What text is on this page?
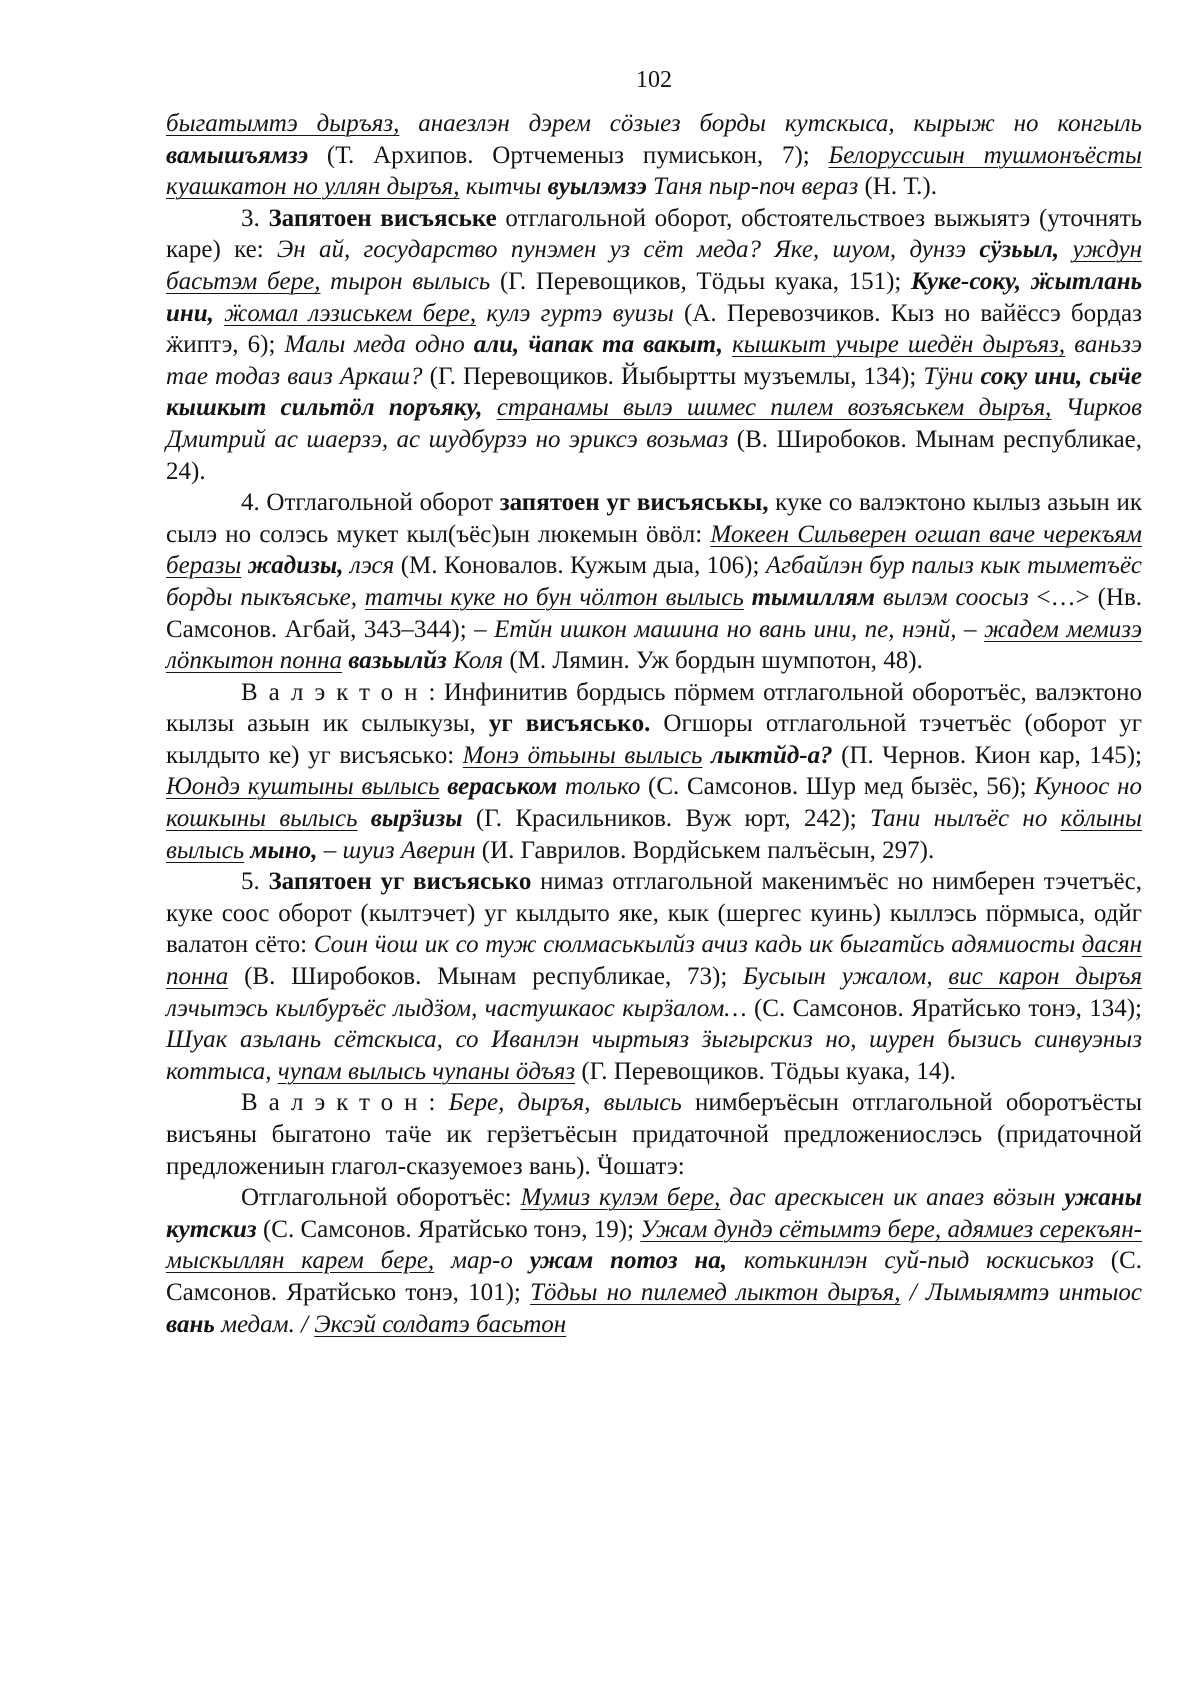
102

быгатымтэ дыръяз, анаезлэн дэрем сöзыез борды кутскыса, кырыж но конгыль вамышъямзэ (Т. Архипов. Ортчеменыз пумиськон, 7); Белоруссиын тушмонъёсты куашкатон но уллян дыръя, кытчы вуылэмзэ Таня пыр-поч вераз (Н. Т.).

3. Запятоен висъяське отглагольной оборот, обстоятельствоез выжыятэ (уточнять каре) ке: Эн ай, государство пунэмен уз сëт меда? Яке, шуом, дунзэ сÿзьыл, уждун басьтэм бере, тырон вылысь (Г. Перевощиков, Тöдьы куака, 151); Куке-соку, ӝытлань ини, ӝомал лэзиськем бере, кулэ гуртэ вуизы (А. Перевозчиков. Кыз но вайëссэ бордаз ӝиптэ, 6); Малы меда одно али, ӵапак та вакыт, кышкыт учыре шедëн дыръяз, ваньзэ тае тодаз ваиз Аркаш? (Г. Перевощиков. Йыбыртты музъемлы, 134); Тÿни соку ини, сыӵе кышкыт сильтöл поръяку, странамы вылэ шимес пилем возъяськем дыръя, Чирков Дмитрий ас шаерзэ, ас шудбурзэ но эриксэ возьмаз (В. Широбоков. Мынам республикае, 24).

4. Отглагольной оборот запятоен уг висъяськы, куке со валэктоно кылыз азьын ик сылэ но солэсь мукет кыл(ъëс)ын люкемын öвöл: Мокеен Сильверен огшап ваче черекъям беразы жадизы, лэся (М. Коновалов. Кужым дыа, 106); Агбайлэн бур палыз кык тыметъëс борды пыкъяське, татчы куке но бун чöлтон вылысь тымиллям вылэм соосыз <…> (Нв. Самсонов. Агбай, 343–344); – Етйн ишкон машина но вань ини, пе, нэнй, – жадем мемизэ лöпкытон понна вазьылйз Коля (М. Лямин. Уж бордын шумпотон, 48).

Валэктон: Инфинитив бордысь пöрмем отглагольной оборотъëс, валэктоно кылзы азьын ик сылыкузы, уг висъяськo. Огшоры отглагольной тэчетъëс (оборот уг кылдыто ке) уг висъяськo: Монэ öтьыны вылысь лыктйд-а? (П. Чернов. Кион кар, 145); Юондэ куштыны вылысь вераськом только (С. Самсонов. Шур мед бызëс, 56); Куноос но кошкыны вылысь вырӟизы (Г. Красильников. Вуж юрт, 242); Тани нылъëс но кöлыны вылысь мыно, – шуиз Аверин (И. Гаврилов. Вордйськем палъëсын, 297).

5. Запятоен уг висъяськo нимаз отглагольной макенимъëс но нимберен тэчетъëс, куке соос оборот (кылтэчет) уг кылдыто яке, кык (шергес куинь) кыллэсь пöрмыса, одйг валатон сëто: Соин ӵош ик со туж сюлмаськылйз ачиз кадь ик быгатйсь адямиосты дасян понна (В. Широбоков. Мынам республикае, 73); Бусыын ужалом, вис карон дыръя лэчытэсь кылбуръëс лыдӟом, частушкаос кырӟалом… (С. Самсонов. Яратйсько тонэ, 134); Шуак азьлань сëтскыса, со Иванлэн чыртыяз ӟыгырскиз но, шурен бызись синвуэныз коттыса, чупам вылысь чупаны öдъяз (Г. Перевощиков. Тöдьы куака, 14).

Валэктон: Бере, дыръя, вылысь нимберъëсын отглагольной оборотъëсты висъяны быгатоно таӵе ик герӟетъëсын придаточной предложениослэсь (придаточной предложениын глагол-сказуемоез вань). Ӵошатэ:

Отглагольной оборотъëс: Мумиз кулэм бере, дас арескысен ик апаез вöзын ужаны кутскиз (С. Самсонов. Яратйсько тонэ, 19); Ужам дундэ сëтымтэ бере, адямиез серекъян-мыскыллян карем бере, мар-о ужам потоз на, котькинлэн суй-пыд юскиськоз (С. Самсонов. Яратйсько тонэ, 101); Тöдьы но пилемед лыктон дыръя, / Лымыямтэ интыос вань медам. / Эксэй солдатэ басьтон
